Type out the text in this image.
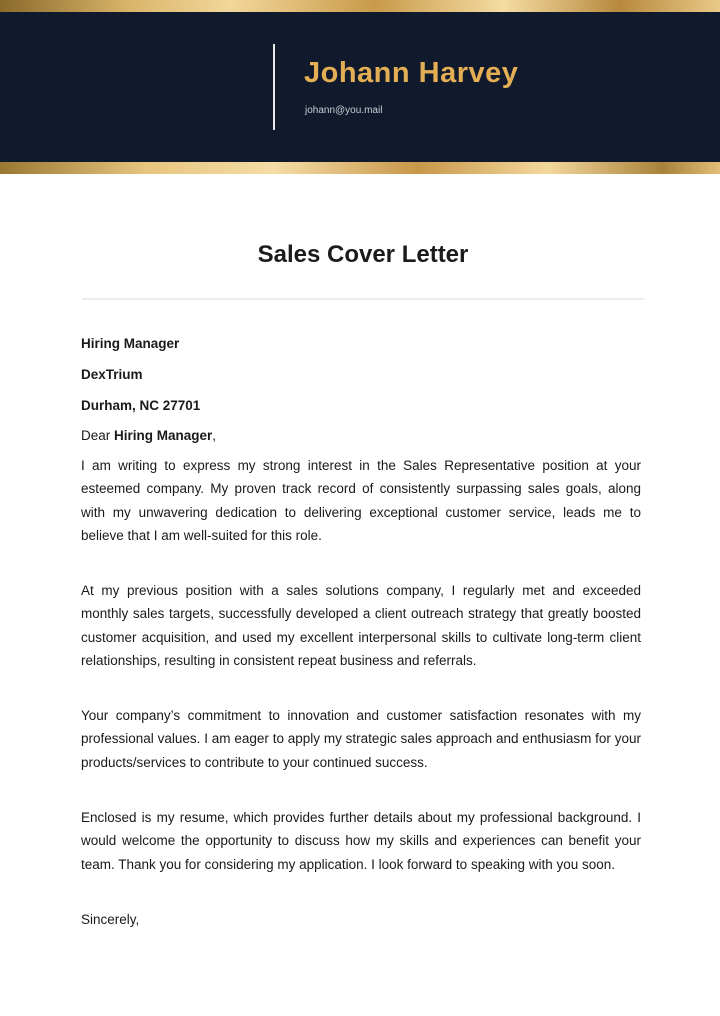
Johann Harvey
johann@you.mail
Sales Cover Letter
Hiring Manager
DexTrium
Durham, NC 27701
Dear Hiring Manager,

I am writing to express my strong interest in the Sales Representative position at your esteemed company. My proven track record of consistently surpassing sales goals, along with my unwavering dedication to delivering exceptional customer service, leads me to believe that I am well-suited for this role.

At my previous position with a sales solutions company, I regularly met and exceeded monthly sales targets, successfully developed a client outreach strategy that greatly boosted customer acquisition, and used my excellent interpersonal skills to cultivate long-term client relationships, resulting in consistent repeat business and referrals.

Your company’s commitment to innovation and customer satisfaction resonates with my professional values. I am eager to apply my strategic sales approach and enthusiasm for your products/services to contribute to your continued success.

Enclosed is my resume, which provides further details about my professional background. I would welcome the opportunity to discuss how my skills and experiences can benefit your team. Thank you for considering my application. I look forward to speaking with you soon.

Sincerely,
